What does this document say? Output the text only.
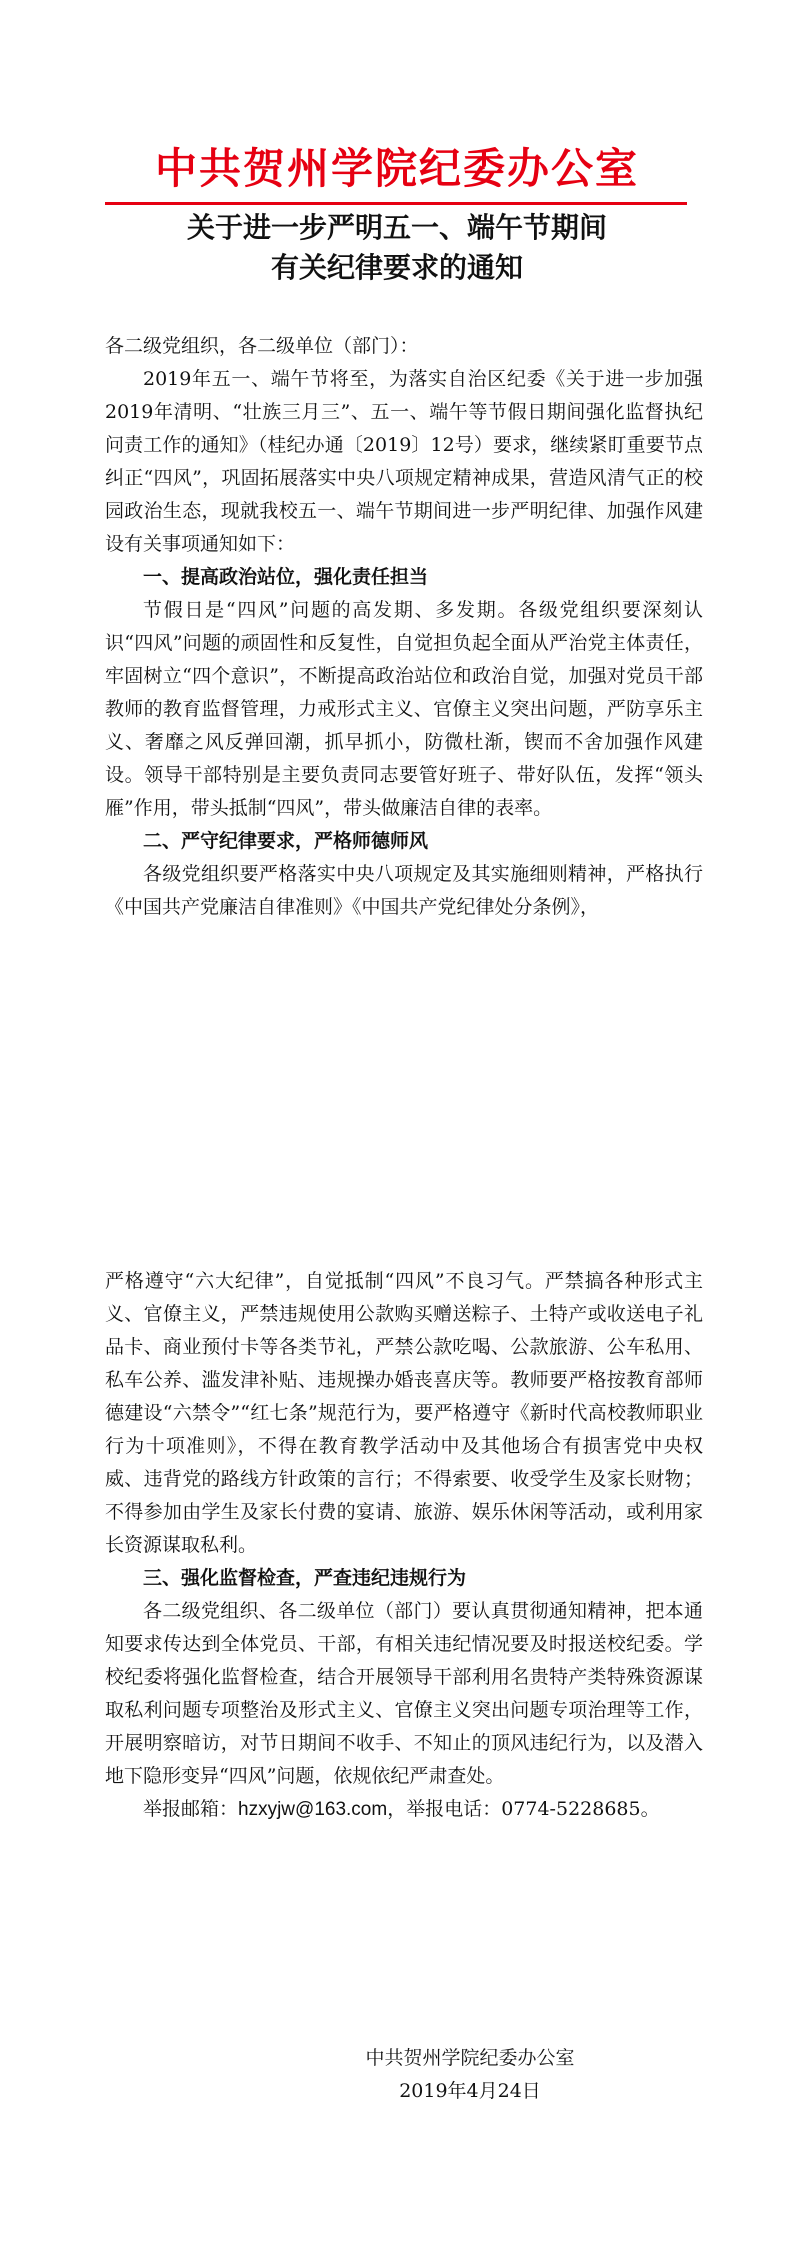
中共贺州学院纪委办公室
关于进一步严明五一、端午节期间
有关纪律要求的通知

各二级党组织，各二级单位（部门）：

2019年五一、端午节将至，为落实自治区纪委《关于进一步加强2019年清明、“壮族三月三”、五一、端午等节假日期间强化监督执纪问责工作的通知》（桂纪办通〔2019〕12号）要求，继续紧盯重要节点纠正“四风”，巩固拓展落实中央八项规定精神成果，营造风清气正的校园政治生态，现就我校五一、端午节期间进一步严明纪律、加强作风建设有关事项通知如下：

一、提高政治站位，强化责任担当

节假日是“四风”问题的高发期、多发期。各级党组织要深刻认识“四风”问题的顽固性和反复性，自觉担负起全面从严治党主体责任，牢固树立“四个意识”，不断提高政治站位和政治自觉，加强对党员干部教师的教育监督管理，力戒形式主义、官僚主义突出问题，严防享乐主义、奢靡之风反弹回潮，抓早抓小，防微杜渐，锲而不舍加强作风建设。领导干部特别是主要负责同志要管好班子、带好队伍，发挥“领头雁”作用，带头抵制“四风”，带头做廉洁自律的表率。

二、严守纪律要求，严格师德师风

各级党组织要严格落实中央八项规定及其实施细则精神，严格执行《中国共产党廉洁自律准则》《中国共产党纪律处分条例》，

严格遵守“六大纪律”，自觉抵制“四风”不良习气。严禁搞各种形式主义、官僚主义，严禁违规使用公款购买赠送粽子、土特产或收送电子礼品卡、商业预付卡等各类节礼，严禁公款吃喝、公款旅游、公车私用、私车公养、滥发津补贴、违规操办婚丧喜庆等。教师要严格按教育部师德建设“六禁令”“红七条”规范行为，要严格遵守《新时代高校教师职业行为十项准则》，不得在教育教学活动中及其他场合有损害党中央权威、违背党的路线方针政策的言行；不得索要、收受学生及家长财物；不得参加由学生及家长付费的宴请、旅游、娱乐休闲等活动，或利用家长资源谋取私利。

三、强化监督检查，严查违纪违规行为

各二级党组织、各二级单位（部门）要认真贯彻通知精神，把本通知要求传达到全体党员、干部，有相关违纪情况要及时报送校纪委。学校纪委将强化监督检查，结合开展领导干部利用名贵特产类特殊资源谋取私利问题专项整治及形式主义、官僚主义突出问题专项治理等工作，开展明察暗访，对节日期间不收手、不知止的顶风违纪行为，以及潜入地下隐形变异“四风”问题，依规依纪严肃查处。

举报邮箱：hzxyjw@163.com，举报电话：0774-5228685。

中共贺州学院纪委办公室
2019年4月24日
